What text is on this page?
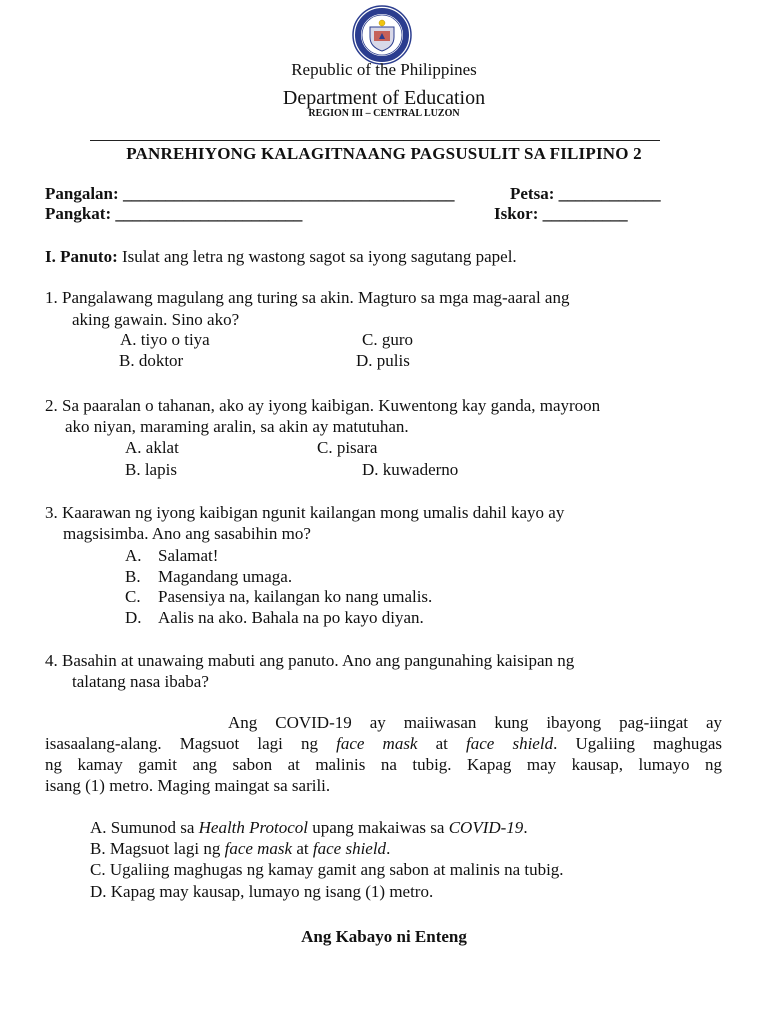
Republic of the Philippines
Department of Education
REGION III – CENTRAL LUZON
PANREHIYONG KALAGITNAANG PAGSUSULIT SA FILIPINO 2
Pangalan: _______________________________________	Petsa: ____________
Pangkat: ______________________	Iskor: __________
I. Panuto: Isulat ang letra ng wastong sagot sa iyong sagutang papel.
1. Pangalawang magulang ang turing sa akin. Magturo sa mga mag-aaral ang
aking gawain. Sino ako?
A. tiyo o tiya	C. guro
B. doktor	D. pulis
2. Sa paaralan o tahanan, ako ay iyong kaibigan. Kuwentong kay ganda, mayroon
ako niyan, maraming aralin, sa akin ay matutuhan.
A. aklat	C. pisara
B. lapis	D. kuwaderno
3. Kaarawan ng iyong kaibigan ngunit kailangan mong umalis dahil kayo ay
magsisimba. Ano ang sasabihin mo?
A. Salamat!
B. Magandang umaga.
C. Pasensiya na, kailangan ko nang umalis.
D. Aalis na ako. Bahala na po kayo diyan.
4. Basahin at unawaing mabuti ang panuto. Ano ang pangunahing kaisipan ng
talatang nasa ibaba?
Ang COVID-19 ay maiiwasan kung ibayong pag-iingat ay
isasaalang-alang. Magsuot lagi ng face mask at face shield. Ugaliing maghugas
ng kamay gamit ang sabon at malinis na tubig. Kapag may kausap, lumayo ng
isang (1) metro. Maging maingat sa sarili.
A. Sumunod sa Health Protocol upang makaiwas sa COVID-19.
B. Magsuot lagi ng face mask at face shield.
C. Ugaliing maghugas ng kamay gamit ang sabon at malinis na tubig.
D. Kapag may kausap, lumayo ng isang (1) metro.
Ang Kabayo ni Enteng
